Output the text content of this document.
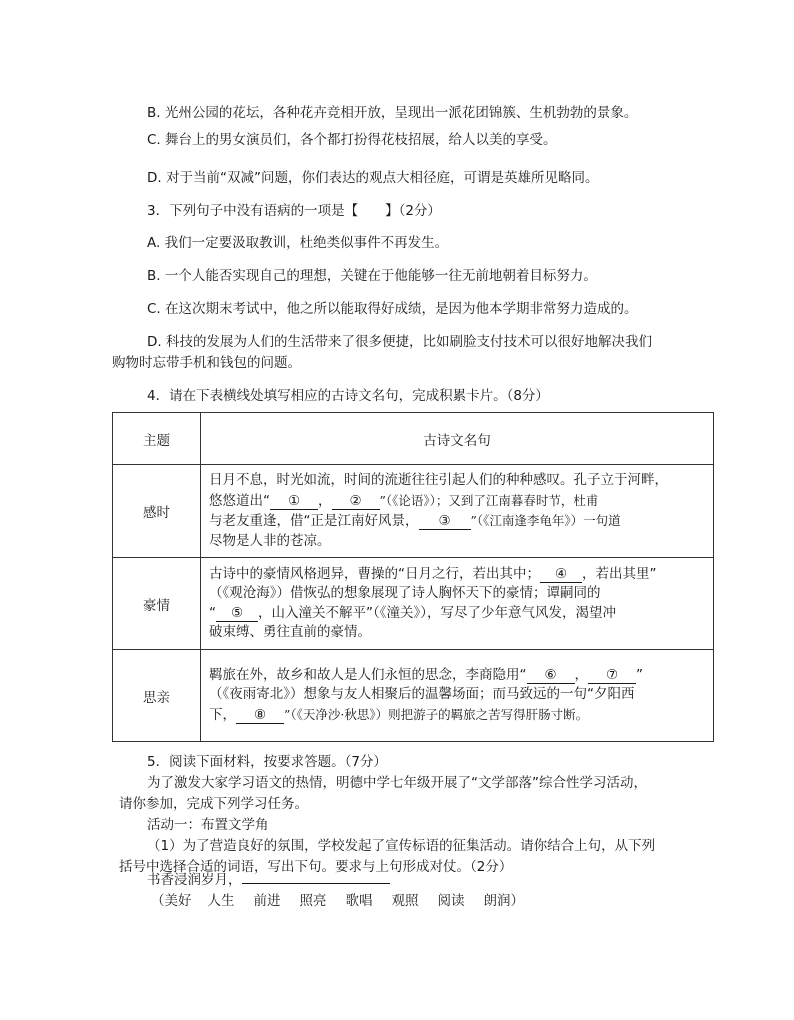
B. 光州公园的花坛，各种花卉竞相开放，呈现出一派花团锦簇、生机勃勃的景象。
C. 舞台上的男女演员们，各个都打扮得花枝招展，给人以美的享受。
D. 对于当前“双减”问题，你们表达的观点大相径庭，可谓是英雄所见略同。
3．下列句子中没有语病的一项是【　　】（2分）
A. 我们一定要汲取教训，杜绝类似事件不再发生。
B. 一个人能否实现自己的理想，关键在于他能够一往无前地朝着目标努力。
C. 在这次期末考试中，他之所以能取得好成绩，是因为他本学期非常努力造成的。
D. 科技的发展为人们的生活带来了很多便捷，比如刷脸支付技术可以很好地解决我们
购物时忘带手机和钱包的问题。
4．请在下表横线处填写相应的古诗文名句，完成积累卡片。（8分）
主题	古诗文名句
感时	日月不息，时光如流，时间的流逝往往引起人们的种种感叹。孔子立于河畔，
悠悠道出“ ① ， ② ”（《论语》）；又到了江南暮春时节，杜甫
与老友重逢，借“正是江南好风景， ③ ”（《江南逢李龟年》）一句道
尽物是人非的苍凉。

豪情	古诗中的豪情风格迥异，曹操的“日月之行，若出其中； ④ ，若出其里”
（《观沧海》）借恢弘的想象展现了诗人胸怀天下的豪情；谭嗣同的
“ ⑤ ，山入潼关不解平”（《潼关》），写尽了少年意气风发，渴望冲
破束缚、勇往直前的豪情。

思亲	羁旅在外，故乡和故人是人们永恒的思念，李商隐用“ ⑥ ， ⑦ ”
（《夜雨寄北》）想象与友人相聚后的温馨场面；而马致远的一句“夕阳西
下， ⑧ ”（《天净沙·秋思》）则把游子的羁旅之苦写得肝肠寸断。
5．阅读下面材料，按要求答题。（7分）
为了激发大家学习语文的热情，明德中学七年级开展了“文学部落”综合性学习活动，
请你参加，完成下列学习任务。
活动一：布置文学角
（1）为了营造良好的氛围，学校发起了宣传标语的征集活动。请你结合上句，从下列
括号中选择合适的词语，写出下句。要求与上句形成对仗。（2分）
书香浸润岁月，
（美好 人生 前进 照亮 歌唱 观照 阅读 朗润）
